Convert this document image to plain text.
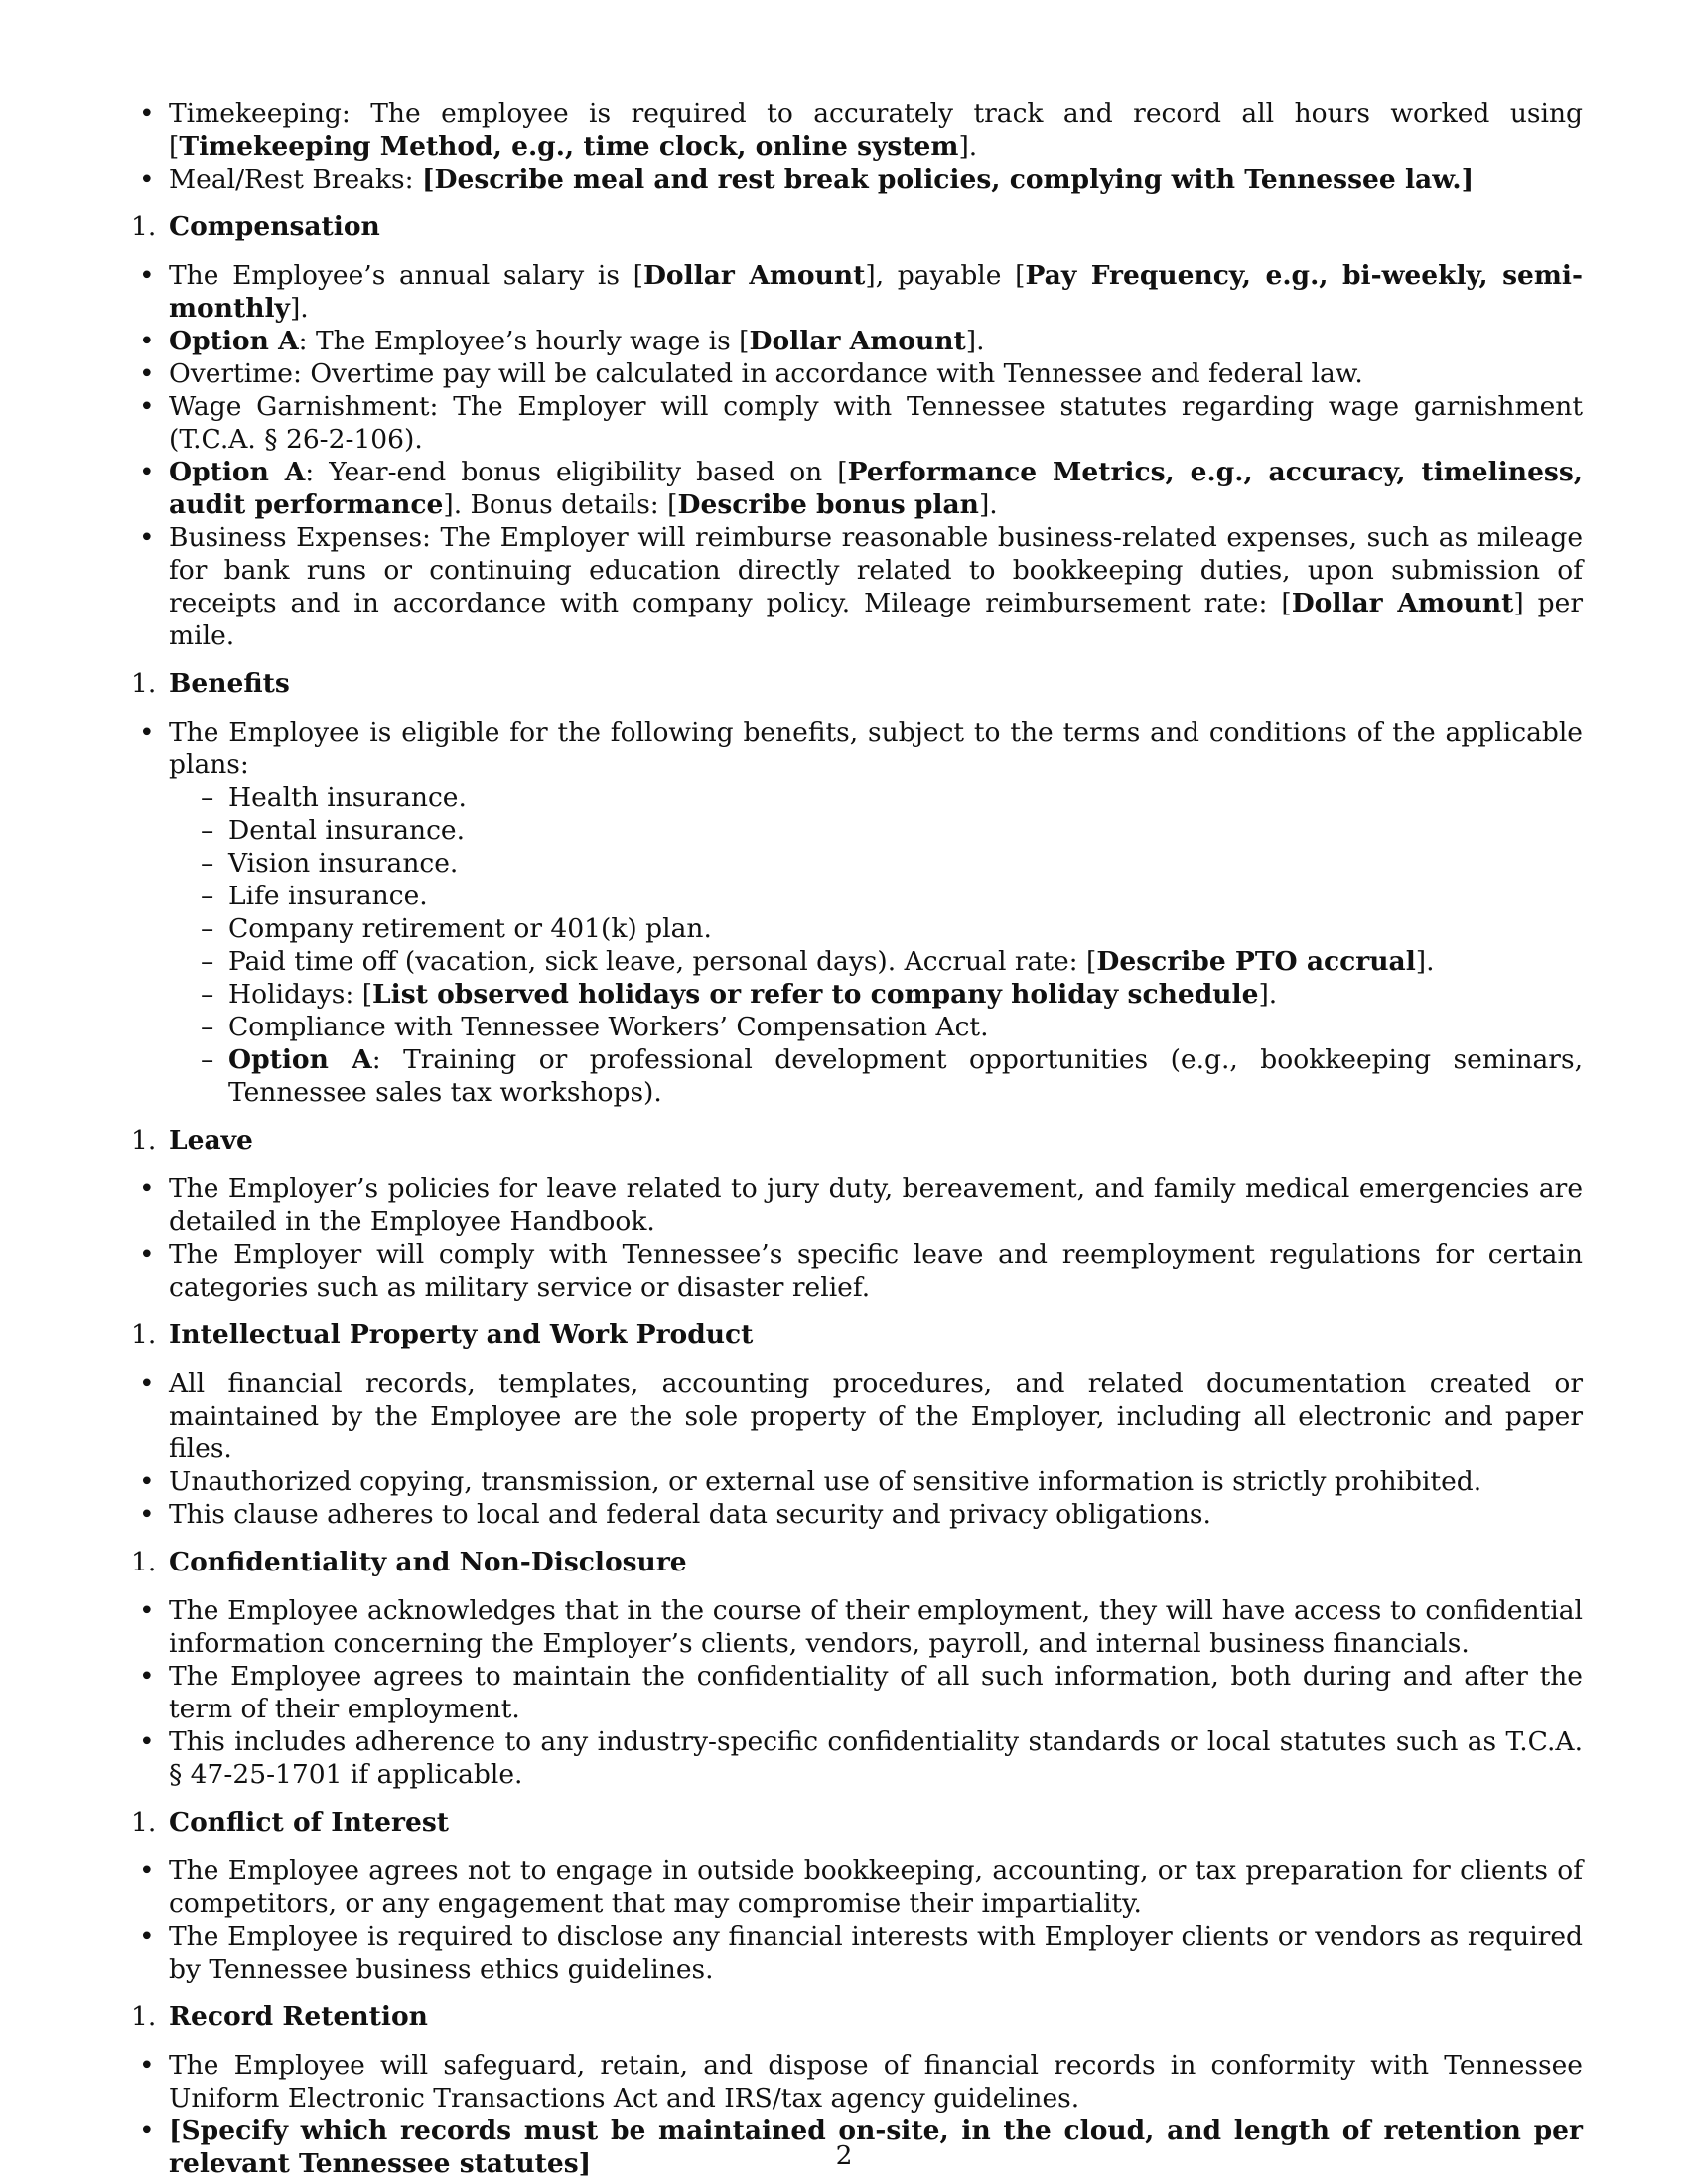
• Timekeeping: The employee is required to accurately track and record all hours worked using [Timekeeping Method, e.g., time clock, online system].
• Meal/Rest Breaks: [Describe meal and rest break policies, complying with Tennessee law.]
1. Compensation
• The Employee’s annual salary is [Dollar Amount], payable [Pay Frequency, e.g., bi-weekly, semi-monthly].
• Option A: The Employee’s hourly wage is [Dollar Amount].
• Overtime: Overtime pay will be calculated in accordance with Tennessee and federal law.
• Wage Garnishment: The Employer will comply with Tennessee statutes regarding wage garnishment (T.C.A. § 26-2-106).
• Option A: Year-end bonus eligibility based on [Performance Metrics, e.g., accuracy, timeliness, audit performance]. Bonus details: [Describe bonus plan].
• Business Expenses: The Employer will reimburse reasonable business-related expenses, such as mileage for bank runs or continuing education directly related to bookkeeping duties, upon submission of receipts and in accordance with company policy. Mileage reimbursement rate: [Dollar Amount] per mile.
1. Benefits
• The Employee is eligible for the following benefits, subject to the terms and conditions of the applicable plans:
– Health insurance.
– Dental insurance.
– Vision insurance.
– Life insurance.
– Company retirement or 401(k) plan.
– Paid time off (vacation, sick leave, personal days). Accrual rate: [Describe PTO accrual].
– Holidays: [List observed holidays or refer to company holiday schedule].
– Compliance with Tennessee Workers’ Compensation Act.
– Option A: Training or professional development opportunities (e.g., bookkeeping seminars, Tennessee sales tax workshops).
1. Leave
• The Employer’s policies for leave related to jury duty, bereavement, and family medical emergencies are detailed in the Employee Handbook.
• The Employer will comply with Tennessee’s specific leave and reemployment regulations for certain categories such as military service or disaster relief.
1. Intellectual Property and Work Product
• All financial records, templates, accounting procedures, and related documentation created or maintained by the Employee are the sole property of the Employer, including all electronic and paper files.
• Unauthorized copying, transmission, or external use of sensitive information is strictly prohibited.
• This clause adheres to local and federal data security and privacy obligations.
1. Confidentiality and Non-Disclosure
• The Employee acknowledges that in the course of their employment, they will have access to confidential information concerning the Employer’s clients, vendors, payroll, and internal business financials.
• The Employee agrees to maintain the confidentiality of all such information, both during and after the term of their employment.
• This includes adherence to any industry-specific confidentiality standards or local statutes such as T.C.A. § 47-25-1701 if applicable.
1. Conflict of Interest
• The Employee agrees not to engage in outside bookkeeping, accounting, or tax preparation for clients of competitors, or any engagement that may compromise their impartiality.
• The Employee is required to disclose any financial interests with Employer clients or vendors as required by Tennessee business ethics guidelines.
1. Record Retention
• The Employee will safeguard, retain, and dispose of financial records in conformity with Tennessee Uniform Electronic Transactions Act and IRS/tax agency guidelines.
• [Specify which records must be maintained on-site, in the cloud, and length of retention per relevant Tennessee statutes]	2
